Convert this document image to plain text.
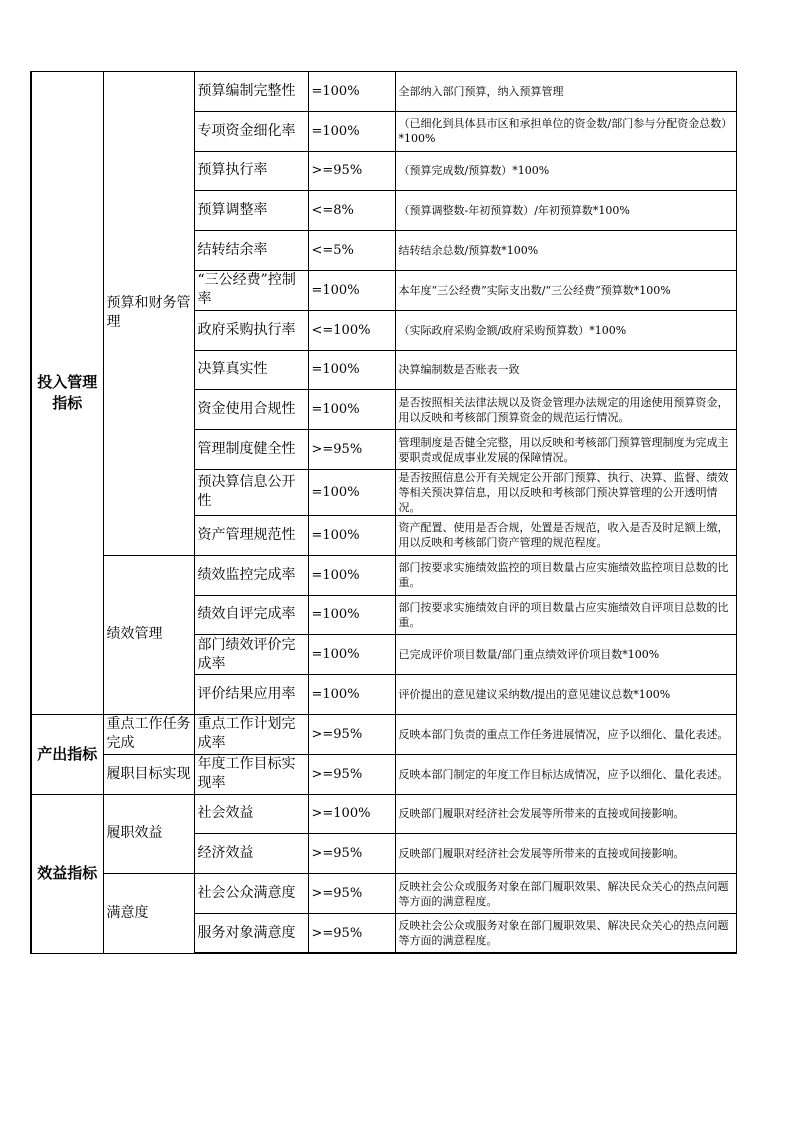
投入管理指标	预算和财务管理	预算编制完整性	=100%	全部纳入部门预算，纳入预算管理
		专项资金细化率	=100%	（已细化到具体县市区和承担单位的资金数/部门参与分配资金总数）*100%
		预算执行率	>=95%	（预算完成数/预算数）*100%
		预算调整率	<=8%	（预算调整数-年初预算数）/年初预算数*100%
		结转结余率	<=5%	结转结余总数/预算数*100%
		“三公经费”控制率	=100%	本年度“三公经费”实际支出数/“三公经费”预算数*100%
		政府采购执行率	<=100%	（实际政府采购金额/政府采购预算数）*100%
		决算真实性	=100%	决算编制数是否账表一致
		资金使用合规性	=100%	是否按照相关法律法规以及资金管理办法规定的用途使用预算资金，用以反映和考核部门预算资金的规范运行情况。
		管理制度健全性	>=95%	管理制度是否健全完整，用以反映和考核部门预算管理制度为完成主要职责或促成事业发展的保障情况。
		预决算信息公开性	=100%	是否按照信息公开有关规定公开部门预算、执行、决算、监督、绩效等相关预决算信息，用以反映和考核部门预决算管理的公开透明情况。
		资产管理规范性	=100%	资产配置、使用是否合规，处置是否规范，收入是否及时足额上缴，用以反映和考核部门资产管理的规范程度。
	绩效管理	绩效监控完成率	=100%	部门按要求实施绩效监控的项目数量占应实施绩效监控项目总数的比重。
		绩效自评完成率	=100%	部门按要求实施绩效自评的项目数量占应实施绩效自评项目总数的比重。
		部门绩效评价完成率	=100%	已完成评价项目数量/部门重点绩效评价项目数*100%
		评价结果应用率	=100%	评价提出的意见建议采纳数/提出的意见建议总数*100%
产出指标	重点工作任务完成	重点工作计划完成率	>=95%	反映本部门负责的重点工作任务进展情况，应予以细化、量化表述。
	履职目标实现	年度工作目标实现率	>=95%	反映本部门制定的年度工作目标达成情况，应予以细化、量化表述。
效益指标	履职效益	社会效益	>=100%	反映部门履职对经济社会发展等所带来的直接或间接影响。
		经济效益	>=95%	反映部门履职对经济社会发展等所带来的直接或间接影响。
	满意度	社会公众满意度	>=95%	反映社会公众或服务对象在部门履职效果、解决民众关心的热点问题等方面的满意程度。
		服务对象满意度	>=95%	反映社会公众或服务对象在部门履职效果、解决民众关心的热点问题等方面的满意程度。
